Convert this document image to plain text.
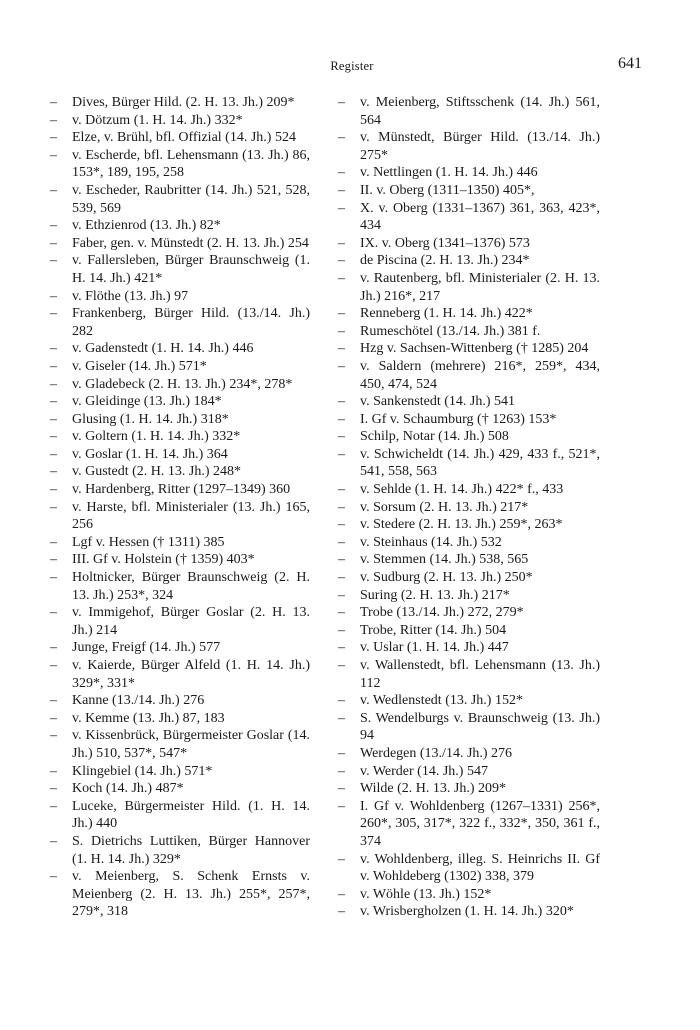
Register	641

–	Dives, Bürger Hild. (2. H. 13. Jh.) 209*

–	v. Dötzum (1. H. 14. Jh.) 332*

–	Elze, v. Brühl, bfl. Offizial (14. Jh.) 524

–	v. Escherde, bfl. Lehensmann (13. Jh.) 86, 153*, 189, 195, 258

–	v. Escheder, Raubritter (14. Jh.) 521, 528, 539, 569

–	v. Ethzienrod (13. Jh.) 82*

–	Faber, gen. v. Münstedt (2. H. 13. Jh.) 254

–	v. Fallersleben, Bürger Braunschweig (1. H. 14. Jh.) 421*

–	v. Flöthe (13. Jh.) 97

–	Frankenberg, Bürger Hild. (13./14. Jh.) 282

–	v. Gadenstedt (1. H. 14. Jh.) 446

–	v. Giseler (14. Jh.) 571*

–	v. Gladebeck (2. H. 13. Jh.) 234*, 278*

–	v. Gleidinge (13. Jh.) 184*

–	Glusing (1. H. 14. Jh.) 318*

–	v. Goltern (1. H. 14. Jh.) 332*

–	v. Goslar (1. H. 14. Jh.) 364

–	v. Gustedt (2. H. 13. Jh.) 248*

–	v. Hardenberg, Ritter (1297–1349) 360

–	v. Harste, bfl. Ministerialer (13. Jh.) 165, 256

–	Lgf v. Hessen († 1311) 385

–	III. Gf v. Holstein († 1359) 403*

–	Holtnicker, Bürger Braunschweig (2. H. 13. Jh.) 253*, 324

–	v. Immigehof, Bürger Goslar (2. H. 13. Jh.) 214

–	Junge, Freigf (14. Jh.) 577

–	v. Kaierde, Bürger Alfeld (1. H. 14. Jh.) 329*, 331*

–	Kanne (13./14. Jh.) 276

–	v. Kemme (13. Jh.) 87, 183

–	v. Kissenbrück, Bürgermeister Goslar (14. Jh.) 510, 537*, 547*

–	Klingebiel (14. Jh.) 571*

–	Koch (14. Jh.) 487*

–	Luceke, Bürgermeister Hild. (1. H. 14. Jh.) 440

–	S. Dietrichs Luttiken, Bürger Hannover (1. H. 14. Jh.) 329*

–	v. Meienberg, S. Schenk Ernsts v. Meienberg (2. H. 13. Jh.) 255*, 257*, 279*, 318

–	v. Meienberg, Stiftsschenk (14. Jh.) 561, 564

–	v. Münstedt, Bürger Hild. (13./14. Jh.) 275*

–	v. Nettlingen (1. H. 14. Jh.) 446

–	II. v. Oberg (1311–1350) 405*,

–	X. v. Oberg (1331–1367) 361, 363, 423*, 434

–	IX. v. Oberg (1341–1376) 573

–	de Piscina (2. H. 13. Jh.) 234*

–	v. Rautenberg, bfl. Ministerialer (2. H. 13. Jh.) 216*, 217

–	Renneberg (1. H. 14. Jh.) 422*

–	Rumeschötel (13./14. Jh.) 381 f.

–	Hzg v. Sachsen-Wittenberg († 1285) 204

–	v. Saldern (mehrere) 216*, 259*, 434, 450, 474, 524

–	v. Sankenstedt (14. Jh.) 541

–	I. Gf v. Schaumburg († 1263) 153*

–	Schilp, Notar (14. Jh.) 508

–	v. Schwicheldt (14. Jh.) 429, 433 f., 521*, 541, 558, 563

–	v. Sehlde (1. H. 14. Jh.) 422* f., 433

–	v. Sorsum (2. H. 13. Jh.) 217*

–	v. Stedere (2. H. 13. Jh.) 259*, 263*

–	v. Steinhaus (14. Jh.) 532

–	v. Stemmen (14. Jh.) 538, 565

–	v. Sudburg (2. H. 13. Jh.) 250*

–	Suring (2. H. 13. Jh.) 217*

–	Trobe (13./14. Jh.) 272, 279*

–	Trobe, Ritter (14. Jh.) 504

–	v. Uslar (1. H. 14. Jh.) 447

–	v. Wallenstedt, bfl. Lehensmann (13. Jh.) 112

–	v. Wedlenstedt (13. Jh.) 152*

–	S. Wendelburgs v. Braunschweig (13. Jh.) 94

–	Werdegen (13./14. Jh.) 276

–	v. Werder (14. Jh.) 547

–	Wilde (2. H. 13. Jh.) 209*

–	I. Gf v. Wohldenberg (1267–1331) 256*, 260*, 305, 317*, 322 f., 332*, 350, 361 f., 374

–	v. Wohldenberg, illeg. S. Heinrichs II. Gf v. Wohldeberg (1302) 338, 379

–	v. Wöhle (13. Jh.) 152*

–	v. Wrisbergholzen (1. H. 14. Jh.) 320*
